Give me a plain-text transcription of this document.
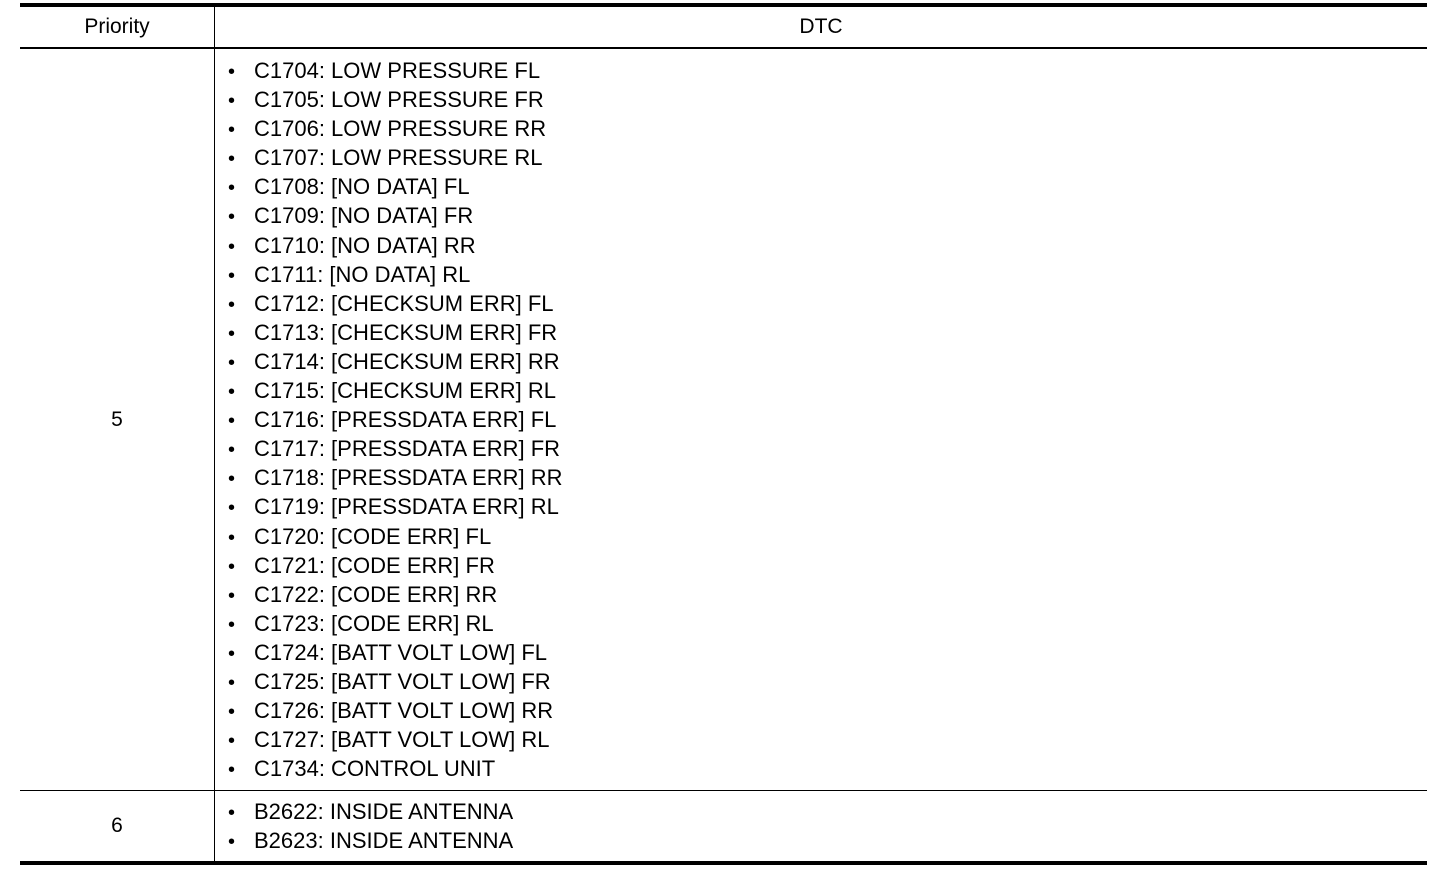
Priority	DTC
5
• C1704: LOW PRESSURE FL
• C1705: LOW PRESSURE FR
• C1706: LOW PRESSURE RR
• C1707: LOW PRESSURE RL
• C1708: [NO DATA] FL
• C1709: [NO DATA] FR
• C1710: [NO DATA] RR
• C1711: [NO DATA] RL
• C1712: [CHECKSUM ERR] FL
• C1713: [CHECKSUM ERR] FR
• C1714: [CHECKSUM ERR] RR
• C1715: [CHECKSUM ERR] RL
• C1716: [PRESSDATA ERR] FL
• C1717: [PRESSDATA ERR] FR
• C1718: [PRESSDATA ERR] RR
• C1719: [PRESSDATA ERR] RL
• C1720: [CODE ERR] FL
• C1721: [CODE ERR] FR
• C1722: [CODE ERR] RR
• C1723: [CODE ERR] RL
• C1724: [BATT VOLT LOW] FL
• C1725: [BATT VOLT LOW] FR
• C1726: [BATT VOLT LOW] RR
• C1727: [BATT VOLT LOW] RL
• C1734: CONTROL UNIT
6
• B2622: INSIDE ANTENNA
• B2623: INSIDE ANTENNA
